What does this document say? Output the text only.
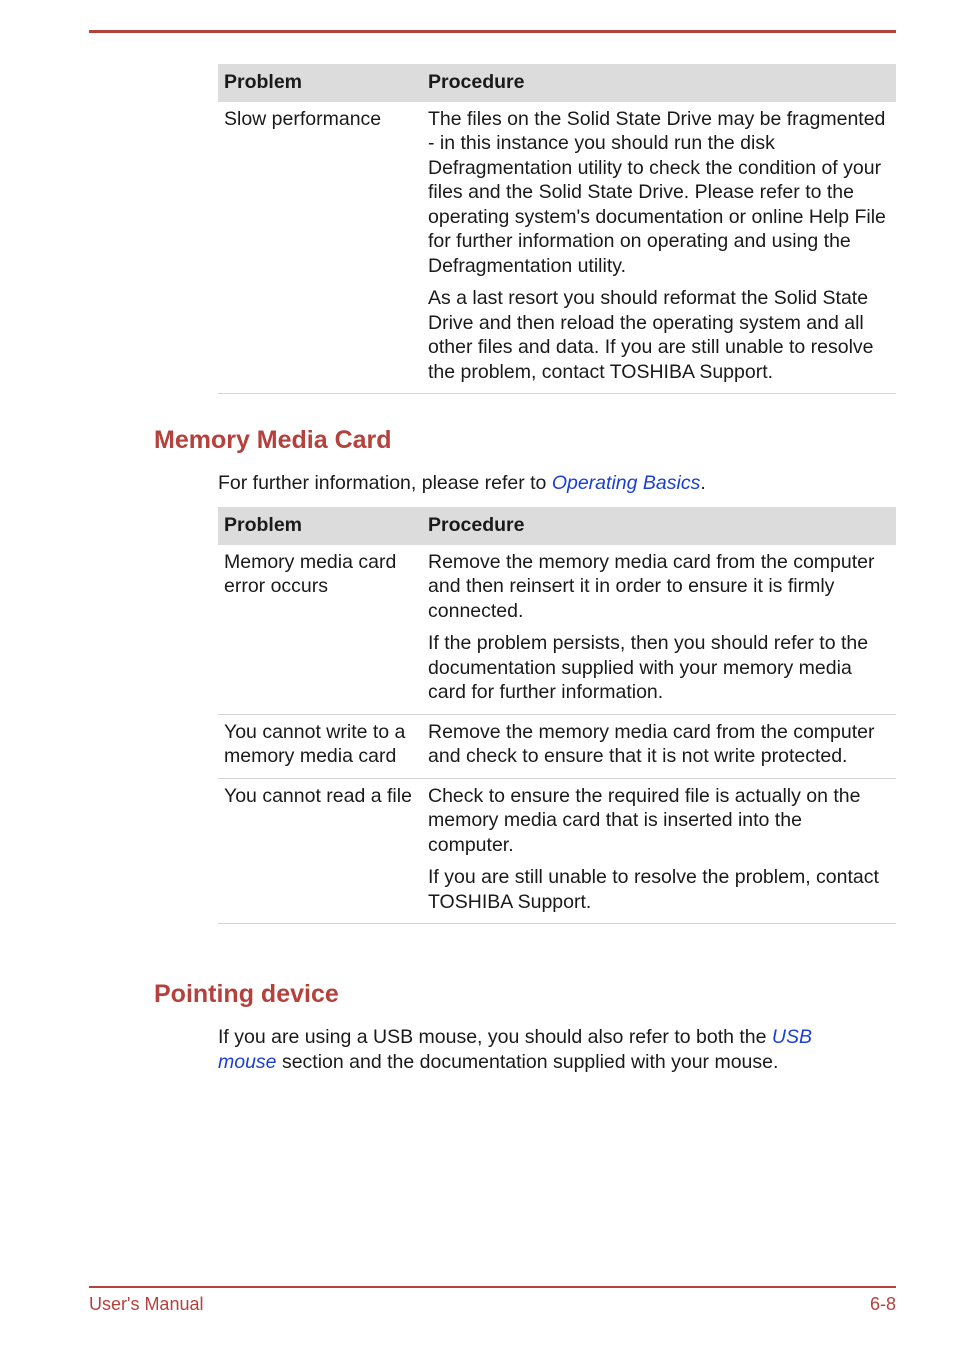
Problem	Procedure
Slow performance	The files on the Solid State Drive may be fragmented - in this instance you should run the disk Defragmentation utility to check the condition of your files and the Solid State Drive. Please refer to the operating system's documentation or online Help File for further information on operating and using the Defragmentation utility.

As a last resort you should reformat the Solid State Drive and then reload the operating system and all other files and data. If you are still unable to resolve the problem, contact TOSHIBA Support.

Memory Media Card

For further information, please refer to Operating Basics.

Problem	Procedure
Memory media card error occurs	Remove the memory media card from the computer and then reinsert it in order to ensure it is firmly connected.

If the problem persists, then you should refer to the documentation supplied with your memory media card for further information.

You cannot write to a memory media card	Remove the memory media card from the computer and check to ensure that it is not write protected.

You cannot read a file	Check to ensure the required file is actually on the memory media card that is inserted into the computer.

If you are still unable to resolve the problem, contact TOSHIBA Support.

Pointing device

If you are using a USB mouse, you should also refer to both the USB mouse section and the documentation supplied with your mouse.

User's Manual	6-8
